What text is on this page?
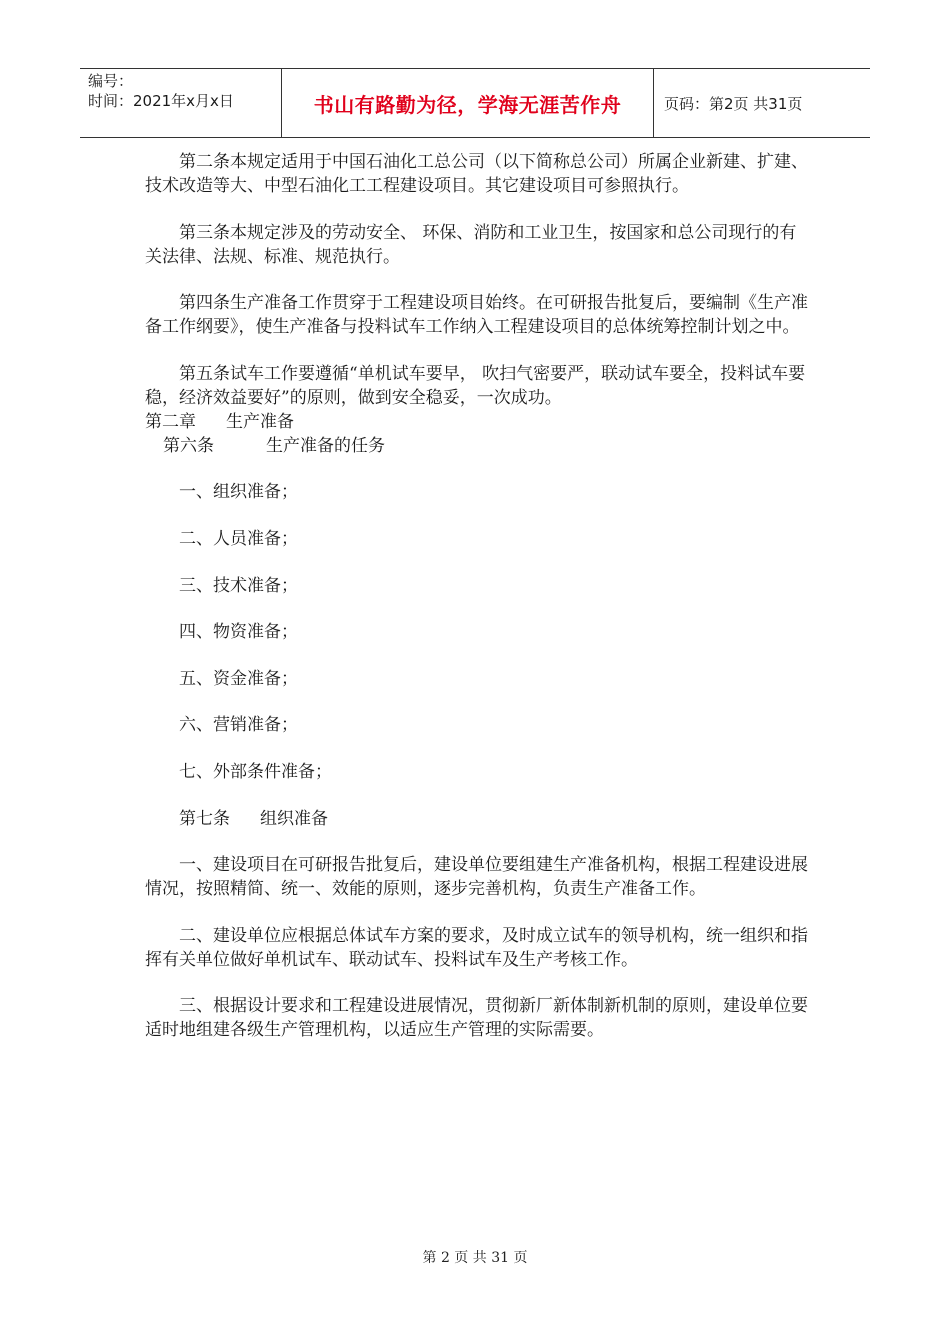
编号：
时间：2021年x月x日	书山有路勤为径，学海无涯苦作舟	页码：第2页 共31页

第二条本规定适用于中国石油化工总公司（以下简称总公司）所属企业新建、扩建、技术改造等大、中型石油化工工程建设项目。其它建设项目可参照执行。

第三条本规定涉及的劳动安全、 环保、消防和工业卫生，按国家和总公司现行的有关法律、法规、标准、规范执行。

第四条生产准备工作贯穿于工程建设项目始终。在可研报告批复后，要编制《生产准备工作纲要》，使生产准备与投料试车工作纳入工程建设项目的总体统筹控制计划之中。

第五条试车工作要遵循“单机试车要早， 吹扫气密要严，联动试车要全，投料试车要稳，经济效益要好”的原则，做到安全稳妥，一次成功。

第二章 生产准备

第六条	生产准备的任务

一、组织准备；

二、人员准备；

三、技术准备；

四、物资准备；

五、资金准备；

六、营销准备；

七、外部条件准备；

第七条 组织准备

一、建设项目在可研报告批复后，建设单位要组建生产准备机构，根据工程建设进展情况，按照精简、统一、效能的原则，逐步完善机构，负责生产准备工作。

二、建设单位应根据总体试车方案的要求，及时成立试车的领导机构，统一组织和指挥有关单位做好单机试车、联动试车、投料试车及生产考核工作。

三、根据设计要求和工程建设进展情况，贯彻新厂新体制新机制的原则，建设单位要适时地组建各级生产管理机构，以适应生产管理的实际需要。

第 2 页 共 31 页
